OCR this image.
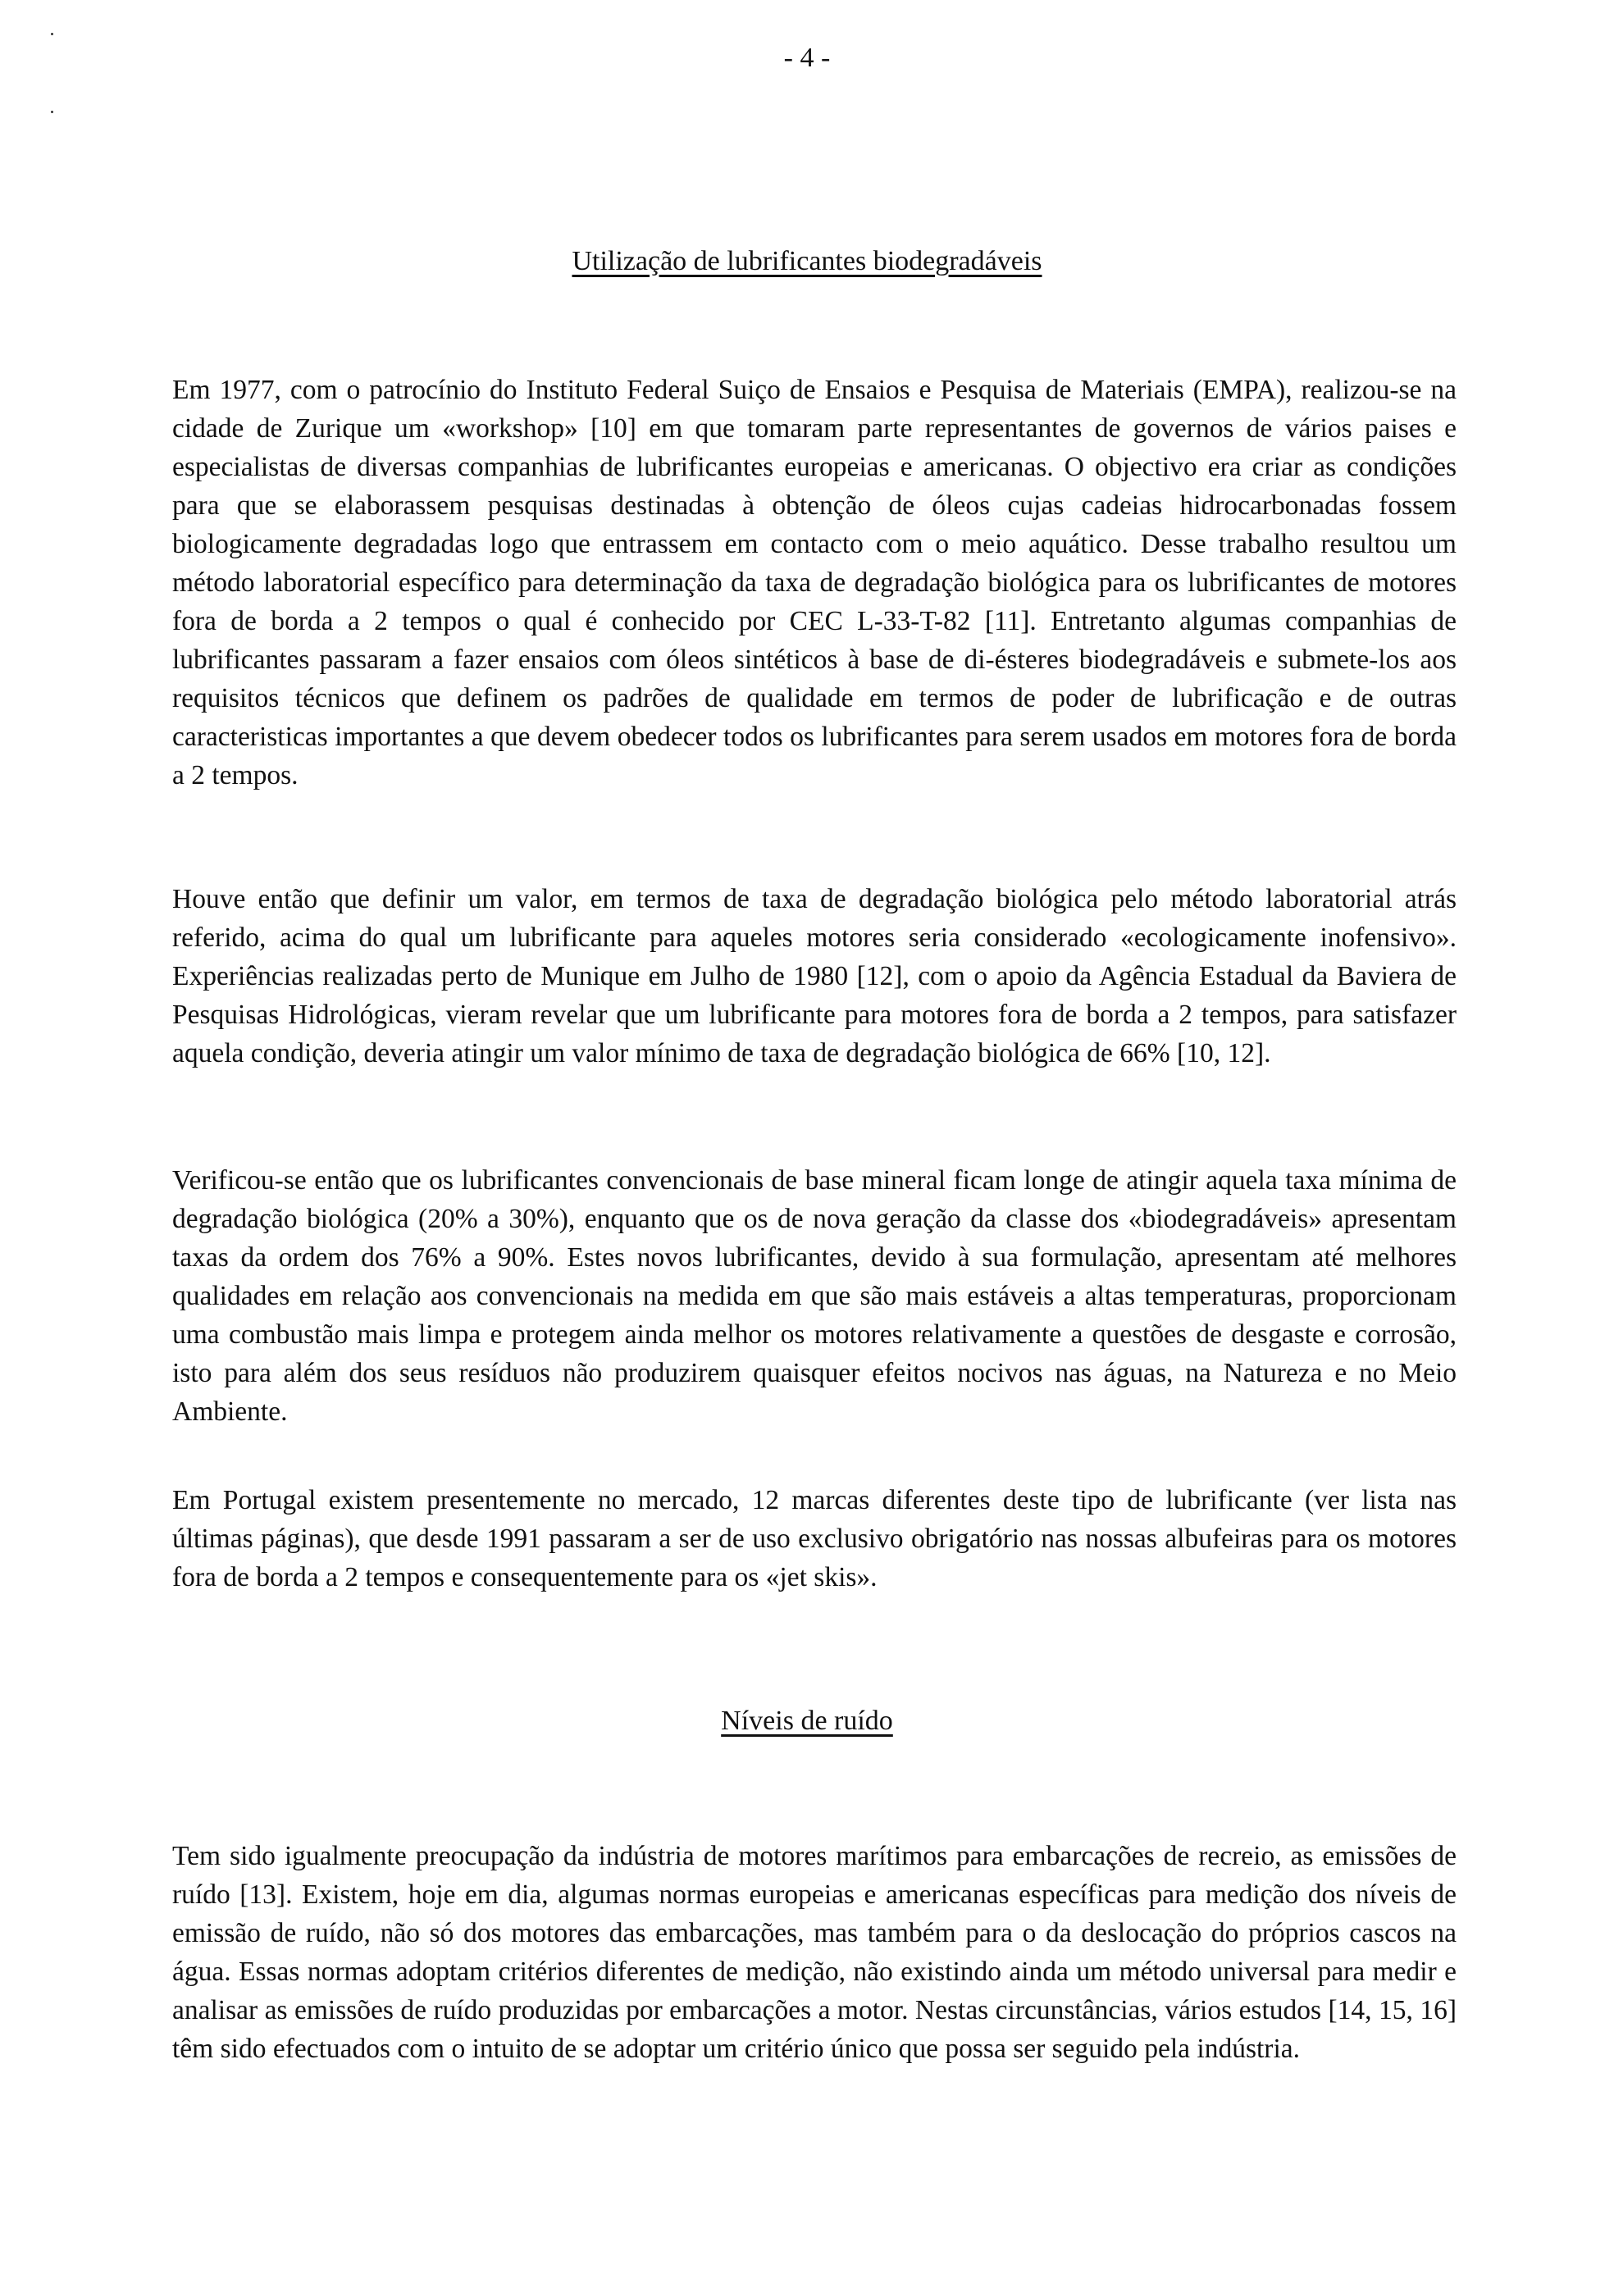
- 4 -
Utilização de lubrificantes biodegradáveis

Em 1977, com o patrocínio do Instituto Federal Suiço de Ensaios e Pesquisa de Materiais (EMPA), realizou-se na cidade de Zurique um «workshop» [10] em que tomaram parte representantes de governos de vários paises e especialistas de diversas companhias de lubrificantes europeias e americanas. O objectivo era criar as condições para que se elaborassem pesquisas destinadas à obtenção de óleos cujas cadeias hidrocarbonadas fossem biologicamente degradadas logo que entrassem em contacto com o meio aquático. Desse trabalho resultou um método laboratorial específico para determinação da taxa de degradação biológica para os lubrificantes de motores fora de borda a 2 tempos o qual é conhecido por CEC L-33-T-82 [11]. Entretanto algumas companhias de lubrificantes passaram a fazer ensaios com óleos sintéticos à base de di-ésteres biodegradáveis e submete-los aos requisitos técnicos que definem os padrões de qualidade em termos de poder de lubrificação e de outras caracteristicas importantes a que devem obedecer todos os lubrificantes para serem usados em motores fora de borda a 2 tempos.

Houve então que definir um valor, em termos de taxa de degradação biológica pelo método laboratorial atrás referido, acima do qual um lubrificante para aqueles motores seria considerado «ecologicamente inofensivo». Experiências realizadas perto de Munique em Julho de 1980 [12], com o apoio da Agência Estadual da Baviera de Pesquisas Hidrológicas, vieram revelar que um lubrificante para motores fora de borda a 2 tempos, para satisfazer aquela condição, deveria atingir um valor mínimo de taxa de degradação biológica de 66% [10, 12].

Verificou-se então que os lubrificantes convencionais de base mineral ficam longe de atingir aquela taxa mínima de degradação biológica (20% a 30%), enquanto que os de nova geração da classe dos «biodegradáveis» apresentam taxas da ordem dos 76% a 90%. Estes novos lubrificantes, devido à sua formulação, apresentam até melhores qualidades em relação aos convencionais na medida em que são mais estáveis a altas temperaturas, proporcionam uma combustão mais limpa e protegem ainda melhor os motores relativamente a questões de desgaste e corrosão, isto para além dos seus resíduos não produzirem quaisquer efeitos nocivos nas águas, na Natureza e no Meio Ambiente.

Em Portugal existem presentemente no mercado, 12 marcas diferentes deste tipo de lubrificante (ver lista nas últimas páginas), que desde 1991 passaram a ser de uso exclusivo obrigatório nas nossas albufeiras para os motores fora de borda a 2 tempos e consequentemente para os «jet skis».

Níveis de ruído

Tem sido igualmente preocupação da indústria de motores marítimos para embarcações de recreio, as emissões de ruído [13]. Existem, hoje em dia, algumas normas europeias e americanas específicas para medição dos níveis de emissão de ruído, não só dos motores das embarcações, mas também para o da deslocação do próprios cascos na água. Essas normas adoptam critérios diferentes de medição, não existindo ainda um método universal para medir e analisar as emissões de ruído produzidas por embarcações a motor. Nestas circunstâncias, vários estudos [14, 15, 16] têm sido efectuados com o intuito de se adoptar um critério único que possa ser seguido pela indústria.
